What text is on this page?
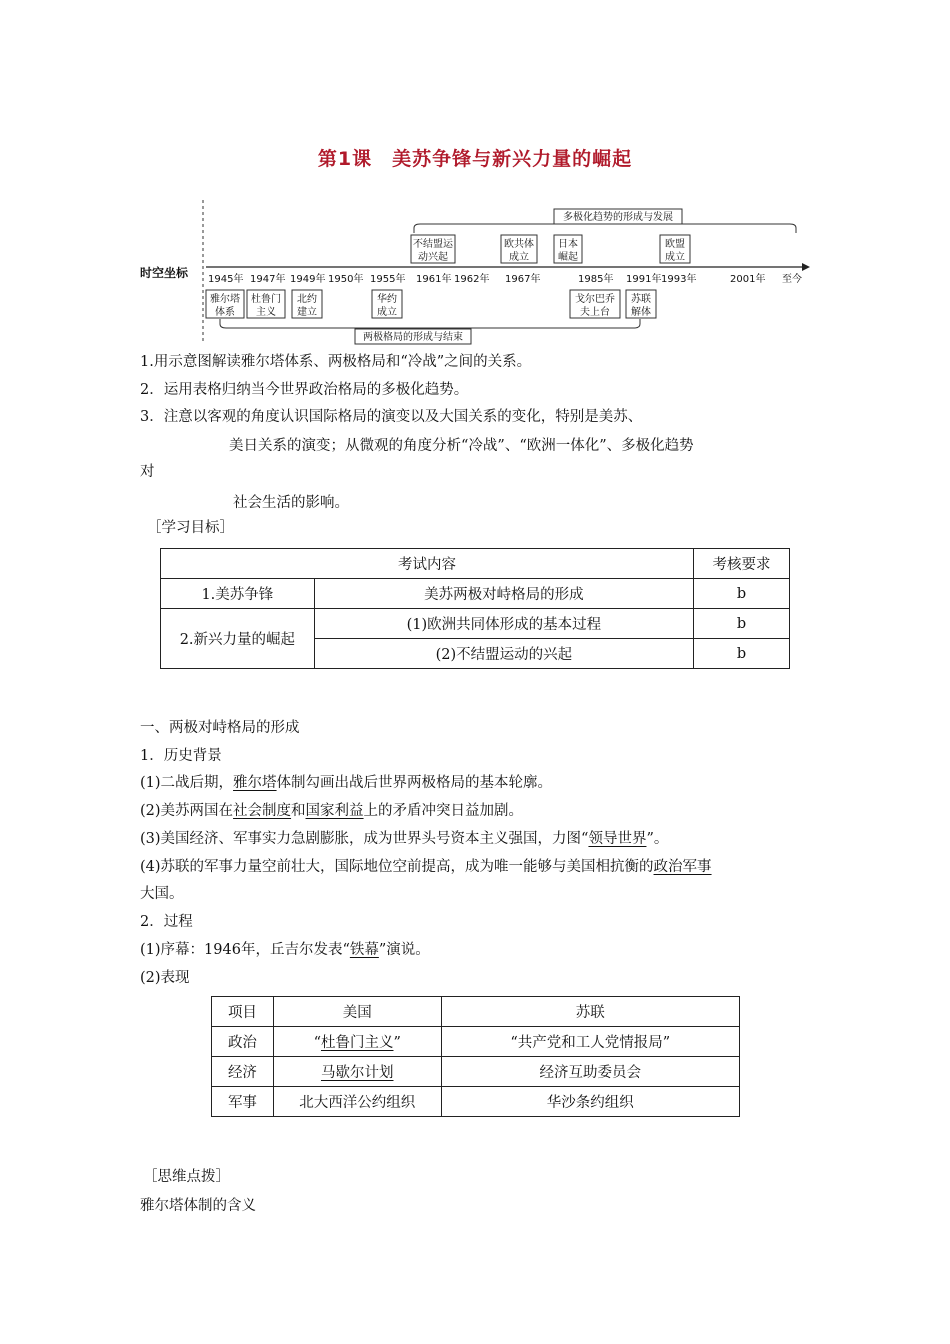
第1课　美苏争锋与新兴力量的崛起
时空坐标 1945年 1947年 1949年 1950年 1955年 1961年 1962年 1967年	1985年 1991年 1993年	2001年 至今
多极化趋势的形成与发展
不结盟运
动兴起
欧共体
成立
日本
崛起
欧盟
成立
雅尔塔
体系
杜鲁门
主义
北约
建立
华约
成立
戈尔巴乔
夫上台
苏联
解体
两极格局的形成与结束
1.用示意图解读雅尔塔体系、两极格局和“冷战”之间的关系。
2．运用表格归纳当今世界政治格局的多极化趋势。
3．注意以客观的角度认识国际格局的演变以及大国关系的变化，特别是美苏、
美日关系的演变；从微观的角度分析“冷战”、“欧洲一体化”、多极化趋势
对
社会生活的影响。
［学习目标］
考试内容		考核要求
1.美苏争锋	美苏两极对峙格局的形成	b
2.新兴力量的崛起	(1)欧洲共同体形成的基本过程	b
	(2)不结盟运动的兴起	b
一、两极对峙格局的形成
1．历史背景
(1)二战后期，雅尔塔体制勾画出战后世界两极格局的基本轮廓。
(2)美苏两国在社会制度和国家利益上的矛盾冲突日益加剧。
(3)美国经济、军事实力急剧膨胀，成为世界头号资本主义强国，力图“领导世界”。
(4)苏联的军事力量空前壮大，国际地位空前提高，成为唯一能够与美国相抗衡的政治军事
大国。
2．过程
(1)序幕：1946年，丘吉尔发表“铁幕”演说。
(2)表现
项目	美国	苏联
政治	“杜鲁门主义”	“共产党和工人党情报局”
经济	马歇尔计划	经济互助委员会
军事	北大西洋公约组织	华沙条约组织
［思维点拨］
雅尔塔体制的含义
